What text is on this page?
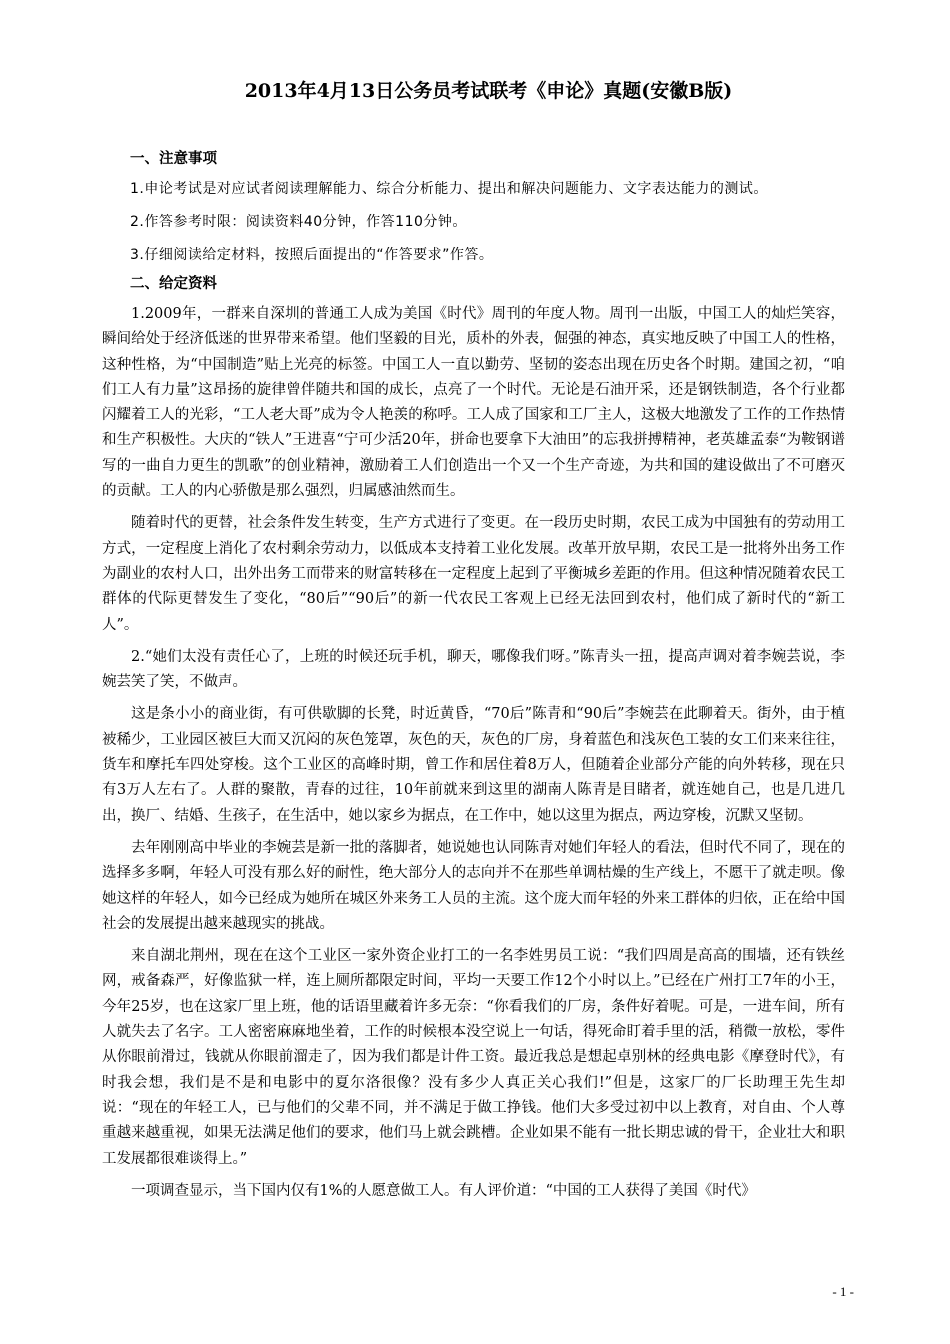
2013年4月13日公务员考试联考《申论》真题(安徽B版)
一、注意事项

1.申论考试是对应试者阅读理解能力、综合分析能力、提出和解决问题能力、文字表达能力的测试。

2.作答参考时限：阅读资料40分钟，作答110分钟。

3.仔细阅读给定材料，按照后面提出的“作答要求”作答。

二、给定资料

1.2009年，一群来自深圳的普通工人成为美国《时代》周刊的年度人物。周刊一出版，中国工人的灿烂笑容，瞬间给处于经济低迷的世界带来希望。他们坚毅的目光，质朴的外表，倔强的神态，真实地反映了中国工人的性格，这种性格，为“中国制造”贴上光亮的标签。中国工人一直以勤劳、坚韧的姿态出现在历史各个时期。建国之初，“咱们工人有力量”这昂扬的旋律曾伴随共和国的成长，点亮了一个时代。无论是石油开采，还是钢铁制造，各个行业都闪耀着工人的光彩，“工人老大哥”成为令人艳羡的称呼。工人成了国家和工厂主人，这极大地激发了工作的工作热情和生产积极性。大庆的“铁人”王进喜“宁可少活20年，拼命也要拿下大油田”的忘我拼搏精神，老英雄孟泰“为鞍钢谱写的一曲自力更生的凯歌”的创业精神，激励着工人们创造出一个又一个生产奇迹，为共和国的建设做出了不可磨灭的贡献。工人的内心骄傲是那么强烈，归属感油然而生。

随着时代的更替，社会条件发生转变，生产方式进行了变更。在一段历史时期，农民工成为中国独有的劳动用工方式，一定程度上消化了农村剩余劳动力，以低成本支持着工业化发展。改革开放早期，农民工是一批将外出务工作为副业的农村人口，出外出务工而带来的财富转移在一定程度上起到了平衡城乡差距的作用。但这种情况随着农民工群体的代际更替发生了变化，“80后”“90后”的新一代农民工客观上已经无法回到农村，他们成了新时代的“新工人”。

2.“她们太没有责任心了，上班的时候还玩手机，聊天，哪像我们呀。”陈青头一扭，提高声调对着李婉芸说，李婉芸笑了笑，不做声。

这是条小小的商业街，有可供歇脚的长凳，时近黄昏，“70后”陈青和“90后”李婉芸在此聊着天。街外，由于植被稀少，工业园区被巨大而又沉闷的灰色笼罩，灰色的天，灰色的厂房，身着蓝色和浅灰色工装的女工们来来往往，货车和摩托车四处穿梭。这个工业区的高峰时期，曾工作和居住着8万人，但随着企业部分产能的向外转移，现在只有3万人左右了。人群的聚散，青春的过往，10年前就来到这里的湖南人陈青是目睹者，就连她自己，也是几进几出，换厂、结婚、生孩子，在生活中，她以家乡为据点，在工作中，她以这里为据点，两边穿梭，沉默又坚韧。

去年刚刚高中毕业的李婉芸是新一批的落脚者，她说她也认同陈青对她们年轻人的看法，但时代不同了，现在的选择多多啊，年轻人可没有那么好的耐性，绝大部分人的志向并不在那些单调枯燥的生产线上，不愿干了就走呗。像她这样的年轻人，如今已经成为她所在城区外来务工人员的主流。这个庞大而年轻的外来工群体的归依，正在给中国社会的发展提出越来越现实的挑战。

来自湖北荆州，现在在这个工业区一家外资企业打工的一名李姓男员工说：“我们四周是高高的围墙，还有铁丝网，戒备森严，好像监狱一样，连上厕所都限定时间，平均一天要工作12个小时以上。”已经在广州打工7年的小王，今年25岁，也在这家厂里上班，他的话语里藏着许多无奈：“你看我们的厂房，条件好着呢。可是，一进车间，所有人就失去了名字。工人密密麻麻地坐着，工作的时候根本没空说上一句话，得死命盯着手里的活，稍微一放松，零件从你眼前滑过，钱就从你眼前溜走了，因为我们都是计件工资。最近我总是想起卓别林的经典电影《摩登时代》，有时我会想，我们是不是和电影中的夏尔洛很像？没有多少人真正关心我们!”但是，这家厂的厂长助理王先生却说：“现在的年轻工人，已与他们的父辈不同，并不满足于做工挣钱。他们大多受过初中以上教育，对自由、个人尊重越来越重视，如果无法满足他们的要求，他们马上就会跳槽。企业如果不能有一批长期忠诚的骨干，企业壮大和职工发展都很难谈得上。”

一项调查显示，当下国内仅有1%的人愿意做工人。有人评价道：“中国的工人获得了美国《时代》

- 1 -
